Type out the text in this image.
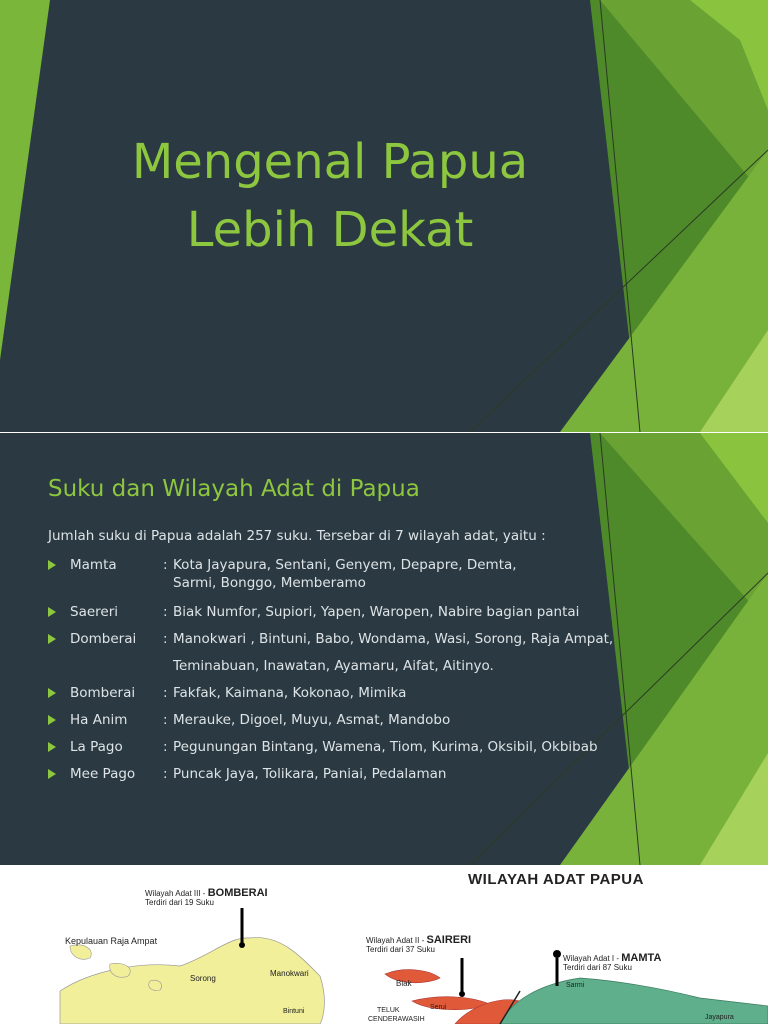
Mengenal Papua
Lebih Dekat
Suku dan Wilayah Adat di Papua
Jumlah suku di Papua adalah 257 suku. Tersebar di 7 wilayah adat, yaitu :
Mamta	: Kota Jayapura, Sentani, Genyem, Depapre, Demta,
Sarmi, Bonggo, Memberamo
Saereri	: Biak Numfor, Supiori, Yapen, Waropen, Nabire bagian pantai
Domberai : Manokwari , Bintuni, Babo, Wondama, Wasi, Sorong, Raja Ampat,
Teminabuan, Inawatan, Ayamaru, Aifat, Aitinyo.
Bomberai : Fakfak, Kaimana, Kokonao, Mimika
Ha Anim	: Merauke, Digoel, Muyu, Asmat, Mandobo
La Pago	: Pegunungan Bintang, Wamena, Tiom, Kurima, Oksibil, Okbibab
Mee Pago : Puncak Jaya, Tolikara, Paniai, Pedalaman
WILAYAH ADAT PAPUA
Wilayah Adat III - BOMBERAI
Terdiri dari 19 Suku
Wilayah Adat II - SAIRERI
Terdiri dari 37 Suku
Wilayah Adat I - MAMTA
Terdiri dari 87 Suku
Kepulauan Raja Ampat
Manokwari
Sorong
Biak
Bintuni	TELUK
CENDERAWASIH
Serui
Sarmi
Jayapura
